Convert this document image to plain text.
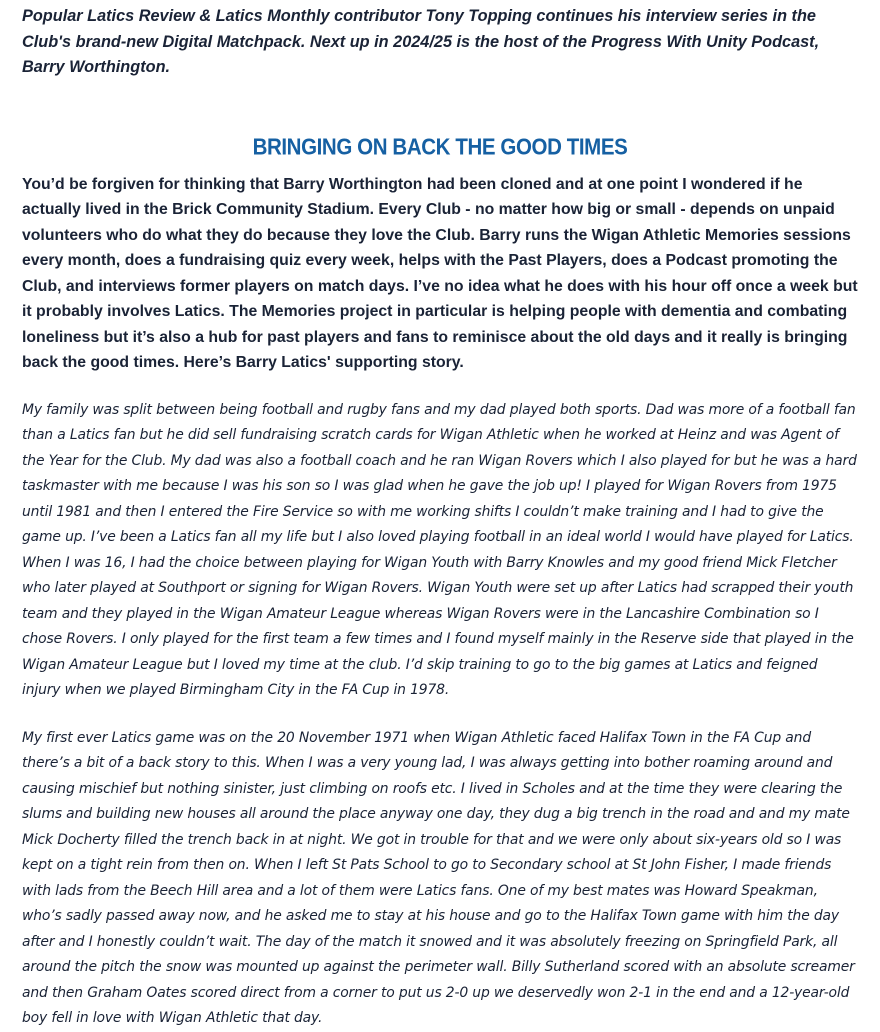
Popular Latics Review & Latics Monthly contributor Tony Topping continues his interview series in the Club's brand-new Digital Matchpack. Next up in 2024/25 is the host of the Progress With Unity Podcast, Barry Worthington.

BRINGING ON BACK THE GOOD TIMES

You’d be forgiven for thinking that Barry Worthington had been cloned and at one point I wondered if he actually lived in the Brick Community Stadium. Every Club - no matter how big or small - depends on unpaid volunteers who do what they do because they love the Club. Barry runs the Wigan Athletic Memories sessions every month, does a fundraising quiz every week, helps with the Past Players, does a Podcast promoting the Club, and interviews former players on match days. I’ve no idea what he does with his hour off once a week but it probably involves Latics. The Memories project in particular is helping people with dementia and combating loneliness but it’s also a hub for past players and fans to reminisce about the old days and it really is bringing back the good times. Here’s Barry Latics' supporting story.

My family was split between being football and rugby fans and my dad played both sports. Dad was more of a football fan than a Latics fan but he did sell fundraising scratch cards for Wigan Athletic when he worked at Heinz and was Agent of the Year for the Club. My dad was also a football coach and he ran Wigan Rovers which I also played for but he was a hard taskmaster with me because I was his son so I was glad when he gave the job up! I played for Wigan Rovers from 1975 until 1981 and then I entered the Fire Service so with me working shifts I couldn’t make training and I had to give the game up. I’ve been a Latics fan all my life but I also loved playing football in an ideal world I would have played for Latics. When I was 16, I had the choice between playing for Wigan Youth with Barry Knowles and my good friend Mick Fletcher who later played at Southport or signing for Wigan Rovers. Wigan Youth were set up after Latics had scrapped their youth team and they played in the Wigan Amateur League whereas Wigan Rovers were in the Lancashire Combination so I chose Rovers. I only played for the first team a few times and I found myself mainly in the Reserve side that played in the Wigan Amateur League but I loved my time at the club. I’d skip training to go to the big games at Latics and feigned injury when we played Birmingham City in the FA Cup in 1978.

My first ever Latics game was on the 20 November 1971 when Wigan Athletic faced Halifax Town in the FA Cup and there’s a bit of a back story to this. When I was a very young lad, I was always getting into bother roaming around and causing mischief but nothing sinister, just climbing on roofs etc. I lived in Scholes and at the time they were clearing the slums and building new houses all around the place anyway one day, they dug a big trench in the road and and my mate Mick Docherty filled the trench back in at night. We got in trouble for that and we were only about six-years old so I was kept on a tight rein from then on. When I left St Pats School to go to Secondary school at St John Fisher, I made friends with lads from the Beech Hill area and a lot of them were Latics fans. One of my best mates was Howard Speakman, who’s sadly passed away now, and he asked me to stay at his house and go to the Halifax Town game with him the day after and I honestly couldn’t wait. The day of the match it snowed and it was absolutely freezing on Springfield Park, all around the pitch the snow was mounted up against the perimeter wall. Billy Sutherland scored with an absolute screamer and then Graham Oates scored direct from a corner to put us 2-0 up we deservedly won 2-1 in the end and a 12-year-old boy fell in love with Wigan Athletic that day.
